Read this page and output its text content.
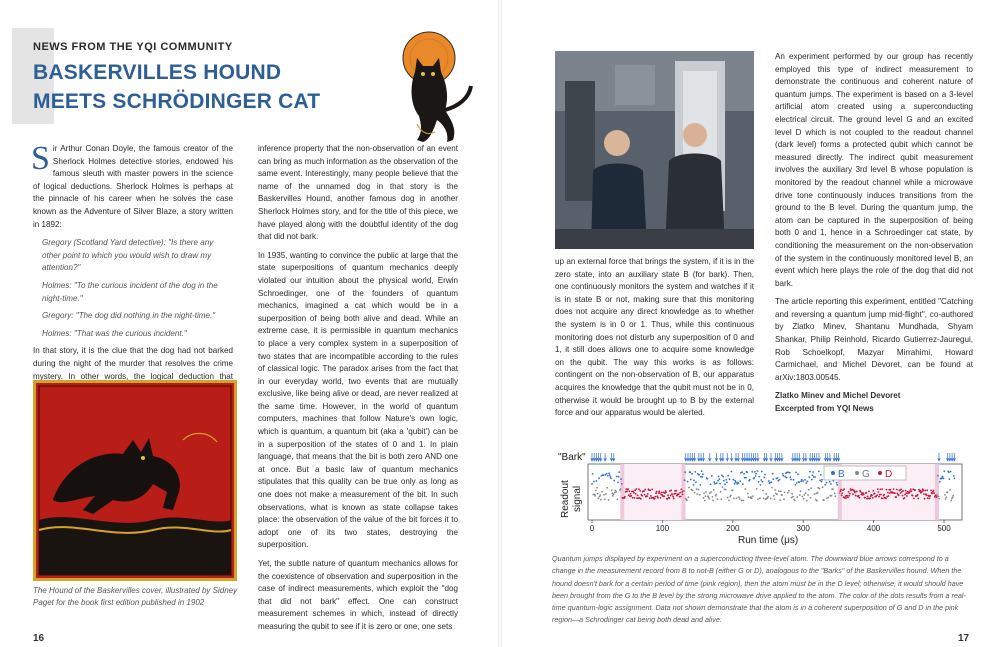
NEWS FROM THE YQI COMMUNITY
BASKERVILLES HOUND
MEETS SCHRÖDINGER CAT

Sir Arthur Conan Doyle, the famous creator of the Sherlock Holmes detective stories, endowed his famous sleuth with master powers in the science of logical deductions. Sherlock Holmes is perhaps at the pinnacle of his career when he solves the case known as the Adventure of Silver Blaze, a story written in 1892:

Gregory (Scotland Yard detective): "Is there any other point to which you would wish to draw my attention?"

Holmes: "To the curious incident of the dog in the night-time."

Gregory: "The dog did nothing in the night-time."

Holmes: "That was the curious incident."

In that story, it is the clue that the dog had not barked during the night of the murder that resolves the crime mystery. In other words, the logical deduction that

The Hound of the Baskervilles cover, illustrated by Sidney Paget for the book first edition published in 1902

inference property that the non-observation of an event can bring as much information as the observation of the same event. Interestingly, many people believe that the name of the unnamed dog in that story is the Baskervilles Hound, another famous dog in another Sherlock Holmes story, and for the title of this piece, we have played along with the doubtful identity of the dog that did not bark.

In 1935, wanting to convince the public at large that the state superpositions of quantum mechanics deeply violated our intuition about the physical world, Erwin Schroedinger, one of the founders of quantum mechanics, imagined a cat which would be in a superposition of being both alive and dead. While an extreme case, it is permissible in quantum mechanics to place a very complex system in a superposition of two states that are incompatible according to the rules of classical logic. The paradox arises from the fact that in our everyday world, two events that are mutually exclusive, like being alive or dead, are never realized at the same time. However, in the world of quantum computers, machines that follow Nature's own logic, which is quantum, a quantum bit (aka a 'qubit') can be in a superposition of the states of 0 and 1. In plain language, that means that the bit is both zero AND one at once. But a basic law of quantum mechanics stipulates that this quality can be true only as long as one does not make a measurement of the bit. In such observations, what is known as state collapse takes place: the observation of the value of the bit forces it to adopt one of its two states, destroying the superposition.

Yet, the subtle nature of quantum mechanics allows for the coexistence of observation and superposition in the case of indirect measurements, which exploit the "dog that did not bark" effect. One can construct measurement schemes in which, instead of directly measuring the qubit to see if it is zero or one, one sets

16

up an external force that brings the system, if it is in the zero state, into an auxiliary state B (for bark). Then, one continuously monitors the system and watches if it is in state B or not, making sure that this monitoring does not acquire any direct knowledge as to whether the system is in 0 or 1. Thus, while this continuous monitoring does not disturb any superposition of 0 and 1, it still does allows one to acquire some knowledge on the qubit. The way this works is as follows: contingent on the non-observation of B, our apparatus acquires the knowledge that the qubit must not be in 0, otherwise it would be brought up to B by the external force and our apparatus would be alerted.

An experiment performed by our group has recently employed this type of indirect measurement to demonstrate the continuous and coherent nature of quantum jumps. The experiment is based on a 3-level artificial atom created using a superconducting electrical circuit. The ground level G and an excited level D which is not coupled to the readout channel (dark level) forms a protected qubit which cannot be measured directly. The indirect qubit measurement involves the auxiliary 3rd level B whose population is monitored by the readout channel while a microwave drive tone continuously induces transitions from the ground to the B level. During the quantum jump, the atom can be captured in the superposition of being both 0 and 1, hence in a Schroedinger cat state, by conditioning the measurement on the non-observation of the system in the continuously monitored level B, an event which here plays the role of the dog that did not bark.

The article reporting this experiment, entitled "Catching and reversing a quantum jump mid-flight", co-authored by Zlatko Minev, Shantanu Mundhada, Shyam Shankar, Philip Reinhold, Ricardo Gutierrez-Jauregui, Rob Schoelkopf, Mazyar Mirrahimi, Howard Carmichael, and Michel Devoret, can be found at arXiv:1803.00545.

Zlatko Minev and Michel Devoret
Excerpted from YQI News
"Bark"
Readout signal
0	100	200	300	400	500
Run time (μs)
B G D
Quantum jumps displayed by experiment on a superconducting three-level atom. The downward blue arrows correspond to a change in the measurement record from B to not-B (either G or D), analogous to the "Barks" of the Baskervilles hound. When the hound doesn't bark for a certain period of time (pink region), then the atom must be in the D level; otherwise, it would should have been brought from the G to the B level by the strong microwave drive applied to the atom. The color of the dots results from a real-time quantum-logic assignment. Data not shown demonstrate that the atom is in a coherent superposition of G and D in the pink region—a Schrodinger cat being both dead and alive.
17
